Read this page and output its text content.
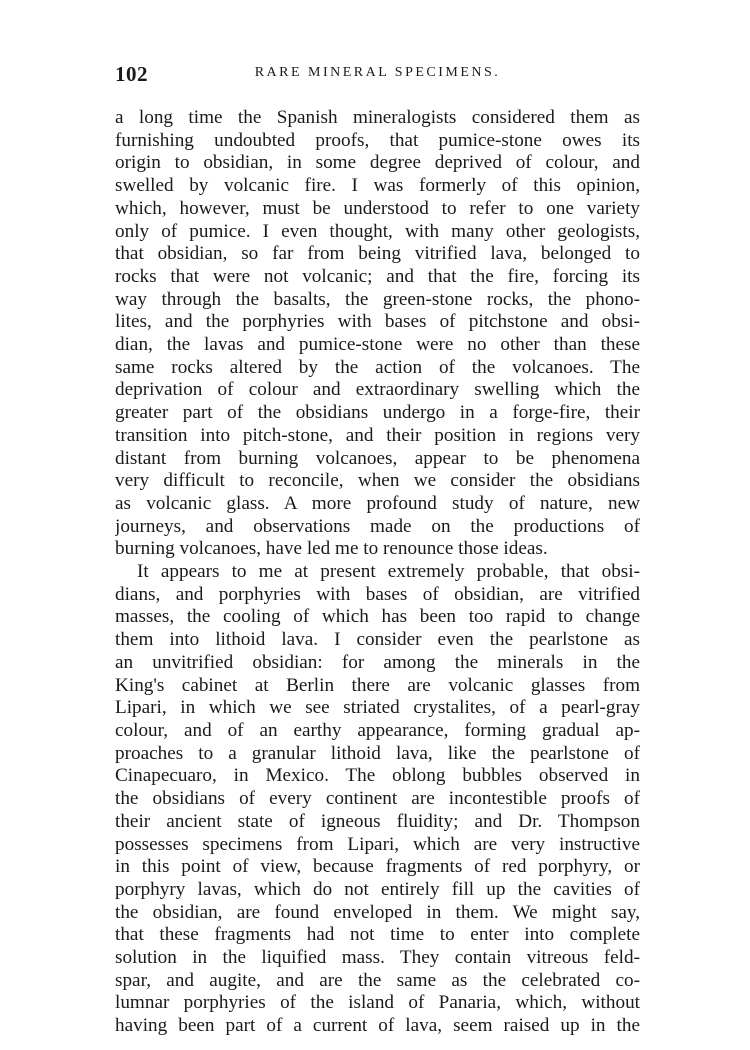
102	RARE MINERAL SPECIMENS.

a long time the Spanish mineralogists considered them as
furnishing undoubted proofs, that pumice-stone owes its
origin to obsidian, in some degree deprived of colour, and
swelled by volcanic fire. I was formerly of this opinion,
which, however, must be understood to refer to one variety
only of pumice. I even thought, with many other geologists,
that obsidian, so far from being vitrified lava, belonged to
rocks that were not volcanic; and that the fire, forcing its
way through the basalts, the green-stone rocks, the phono-
lites, and the porphyries with bases of pitchstone and obsi-
dian, the lavas and pumice-stone were no other than these
same rocks altered by the action of the volcanoes. The
deprivation of colour and extraordinary swelling which the
greater part of the obsidians undergo in a forge-fire, their
transition into pitch-stone, and their position in regions very
distant from burning volcanoes, appear to be phenomena
very difficult to reconcile, when we consider the obsidians
as volcanic glass. A more profound study of nature, new
journeys, and observations made on the productions of
burning volcanoes, have led me to renounce those ideas.

It appears to me at present extremely probable, that obsi-
dians, and porphyries with bases of obsidian, are vitrified
masses, the cooling of which has been too rapid to change
them into lithoid lava. I consider even the pearlstone as
an unvitrified obsidian: for among the minerals in the
King's cabinet at Berlin there are volcanic glasses from
Lipari, in which we see striated crystalites, of a pearl-gray
colour, and of an earthy appearance, forming gradual ap-
proaches to a granular lithoid lava, like the pearlstone of
Cinapecuaro, in Mexico. The oblong bubbles observed in
the obsidians of every continent are incontestible proofs of
their ancient state of igneous fluidity; and Dr. Thompson
possesses specimens from Lipari, which are very instructive
in this point of view, because fragments of red porphyry, or
porphyry lavas, which do not entirely fill up the cavities of
the obsidian, are found enveloped in them. We might say,
that these fragments had not time to enter into complete
solution in the liquified mass. They contain vitreous feld-
spar, and augite, and are the same as the celebrated co-
lumnar porphyries of the island of Panaria, which, without
having been part of a current of lava, seem raised up in the
